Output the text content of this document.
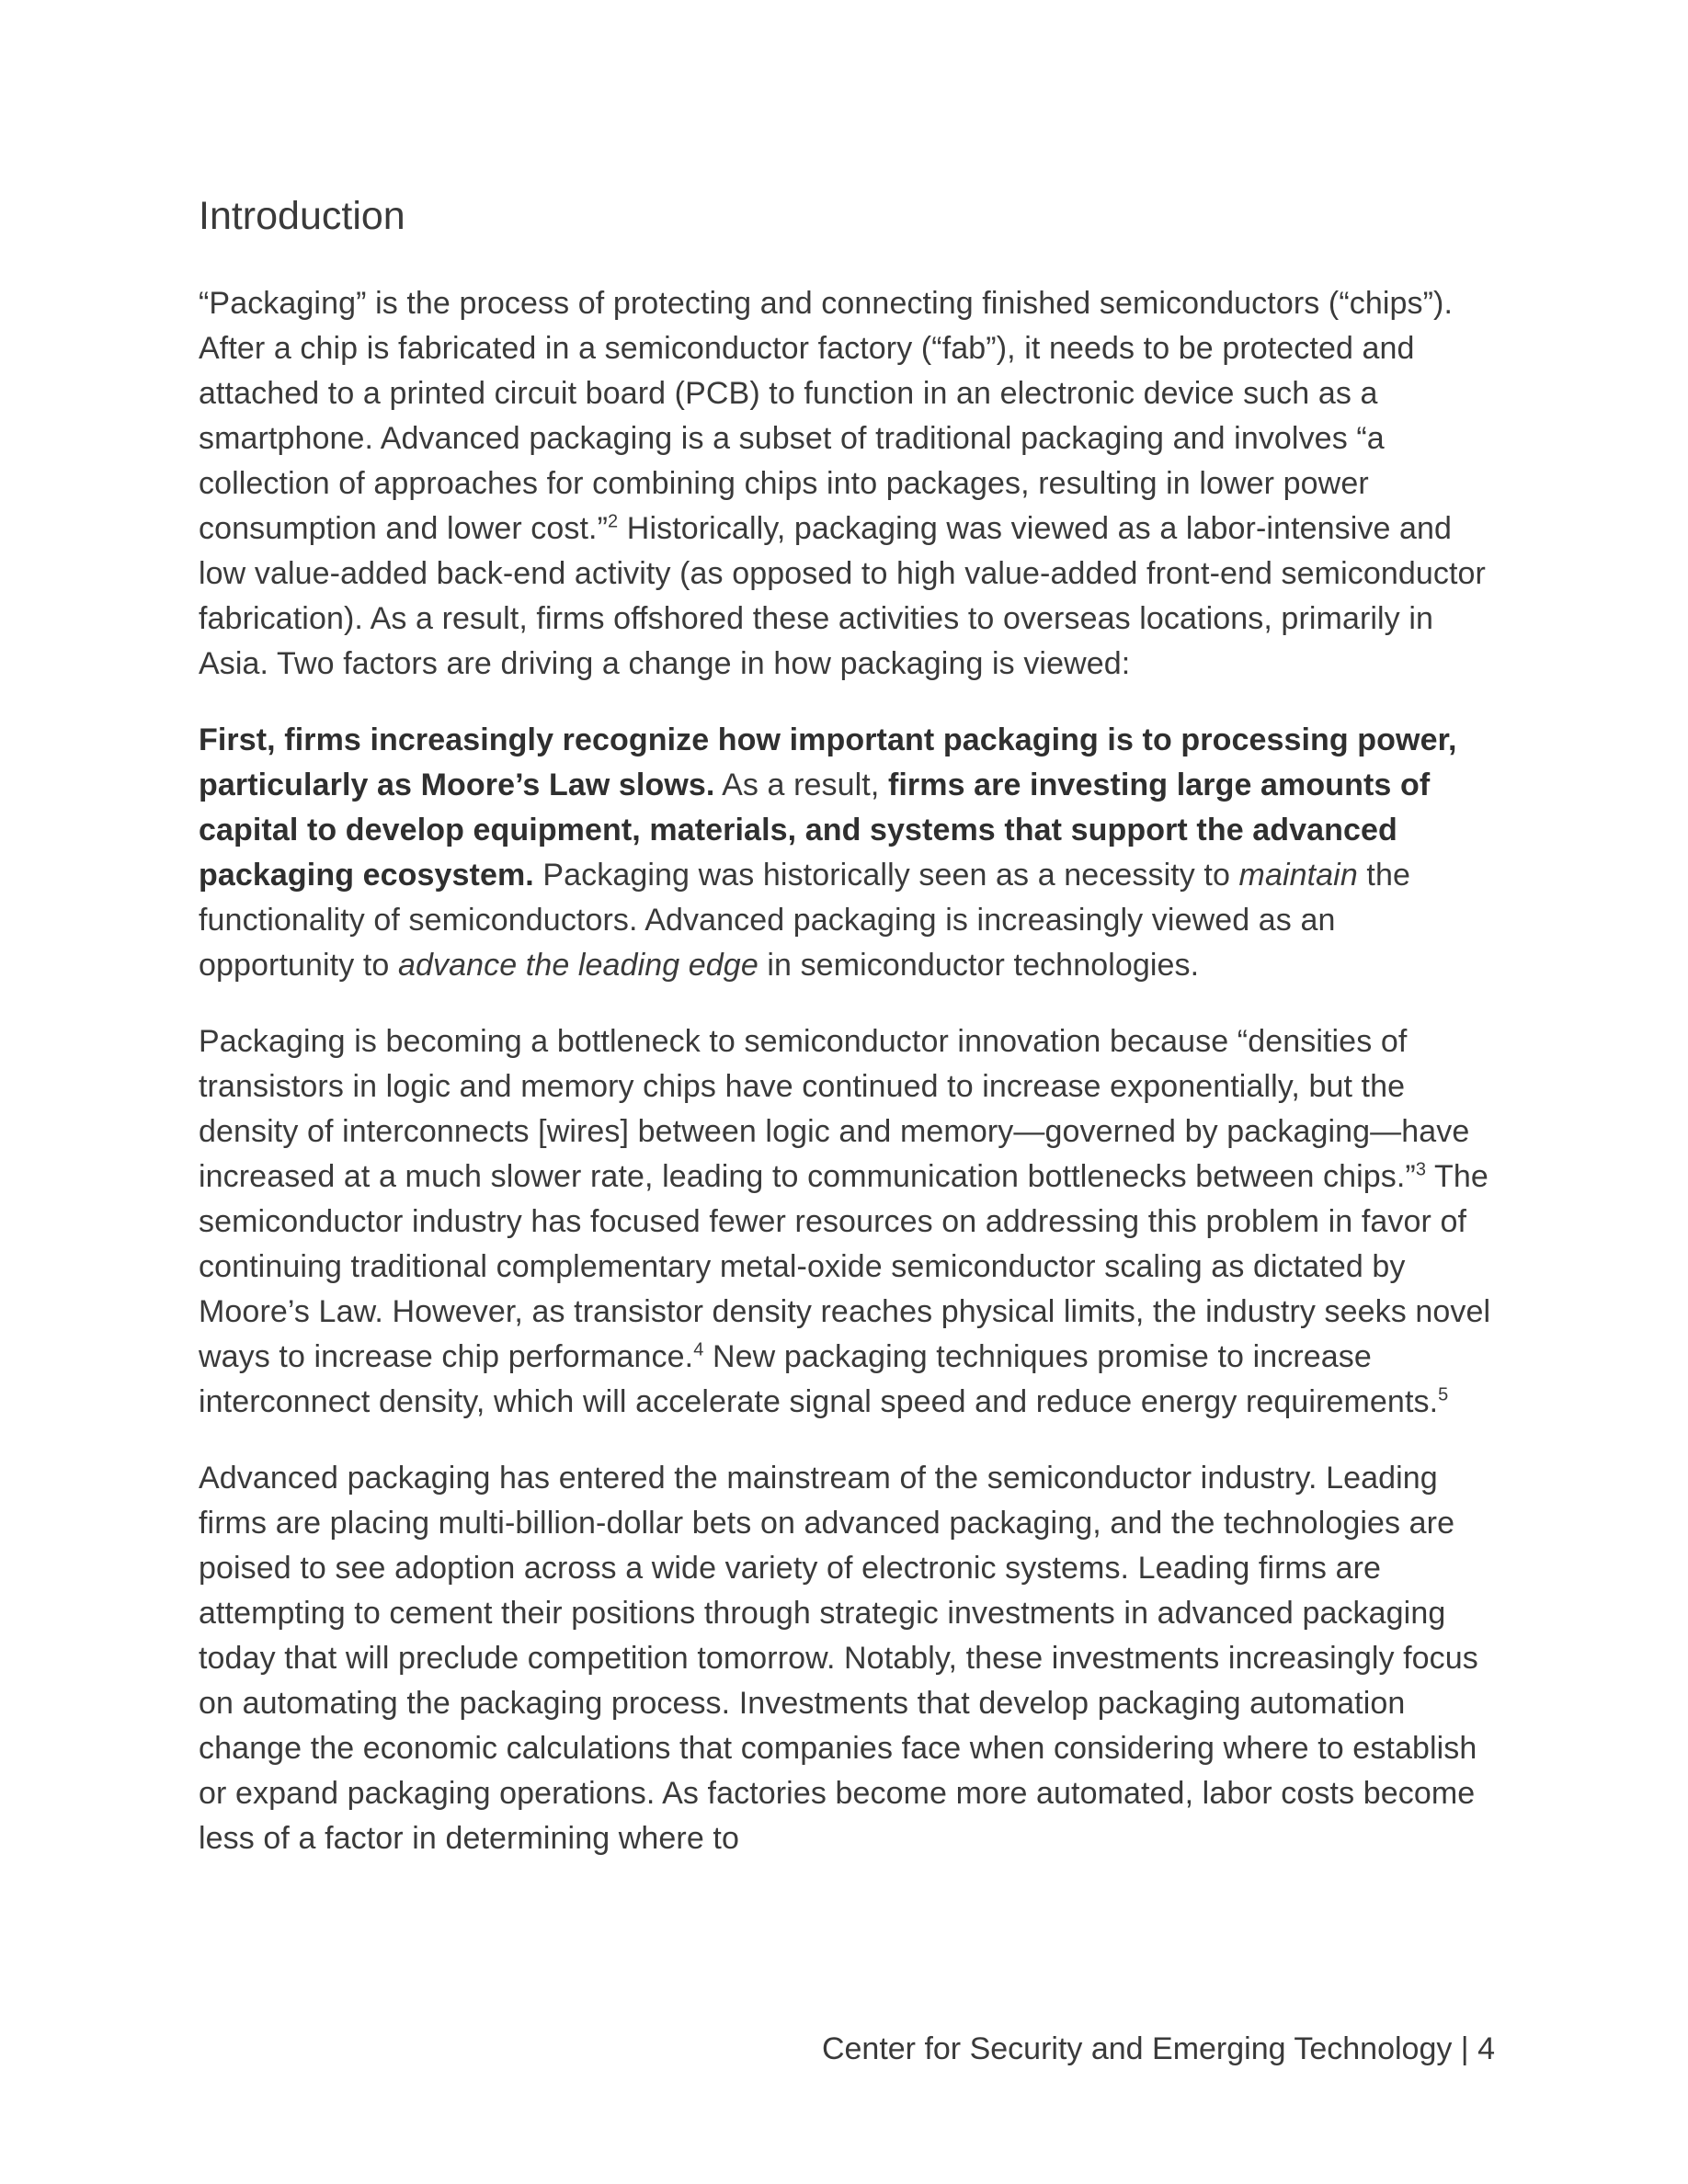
Introduction

“Packaging” is the process of protecting and connecting finished semiconductors (“chips”). After a chip is fabricated in a semiconductor factory (“fab”), it needs to be protected and attached to a printed circuit board (PCB) to function in an electronic device such as a smartphone. Advanced packaging is a subset of traditional packaging and involves “a collection of approaches for combining chips into packages, resulting in lower power consumption and lower cost.”$^2$ Historically, packaging was viewed as a labor-intensive and low value-added back-end activity (as opposed to high value-added front-end semiconductor fabrication). As a result, firms offshored these activities to overseas locations, primarily in Asia. Two factors are driving a change in how packaging is viewed:

First, firms increasingly recognize how important packaging is to processing power, particularly as Moore’s Law slows. As a result, firms are investing large amounts of capital to develop equipment, materials, and systems that support the advanced packaging ecosystem. Packaging was historically seen as a necessity to maintain the functionality of semiconductors. Advanced packaging is increasingly viewed as an opportunity to advance the leading edge in semiconductor technologies.

Packaging is becoming a bottleneck to semiconductor innovation because “densities of transistors in logic and memory chips have continued to increase exponentially, but the density of interconnects [wires] between logic and memory—governed by packaging—have increased at a much slower rate, leading to communication bottlenecks between chips.”$^3$ The semiconductor industry has focused fewer resources on addressing this problem in favor of continuing traditional complementary metal-oxide semiconductor scaling as dictated by Moore’s Law. However, as transistor density reaches physical limits, the industry seeks novel ways to increase chip performance.$^4$ New packaging techniques promise to increase interconnect density, which will accelerate signal speed and reduce energy requirements.$^5$

Advanced packaging has entered the mainstream of the semiconductor industry. Leading firms are placing multi-billion-dollar bets on advanced packaging, and the technologies are poised to see adoption across a wide variety of electronic systems. Leading firms are attempting to cement their positions through strategic investments in advanced packaging today that will preclude competition tomorrow. Notably, these investments increasingly focus on automating the packaging process. Investments that develop packaging automation change the economic calculations that companies face when considering where to establish or expand packaging operations. As factories become more automated, labor costs become less of a factor in determining where to

Center for Security and Emerging Technology | 4
